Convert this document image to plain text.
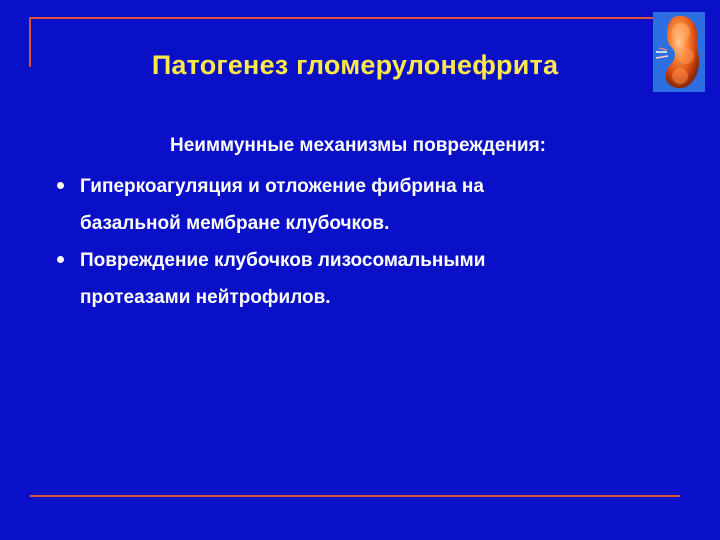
Патогенез гломерулонефрита
Неиммунные механизмы повреждения:
Гиперкоагуляция и отложение фибрина на
базальной мембране клубочков.
Повреждение клубочков лизосомальными
протеазами нейтрофилов.
